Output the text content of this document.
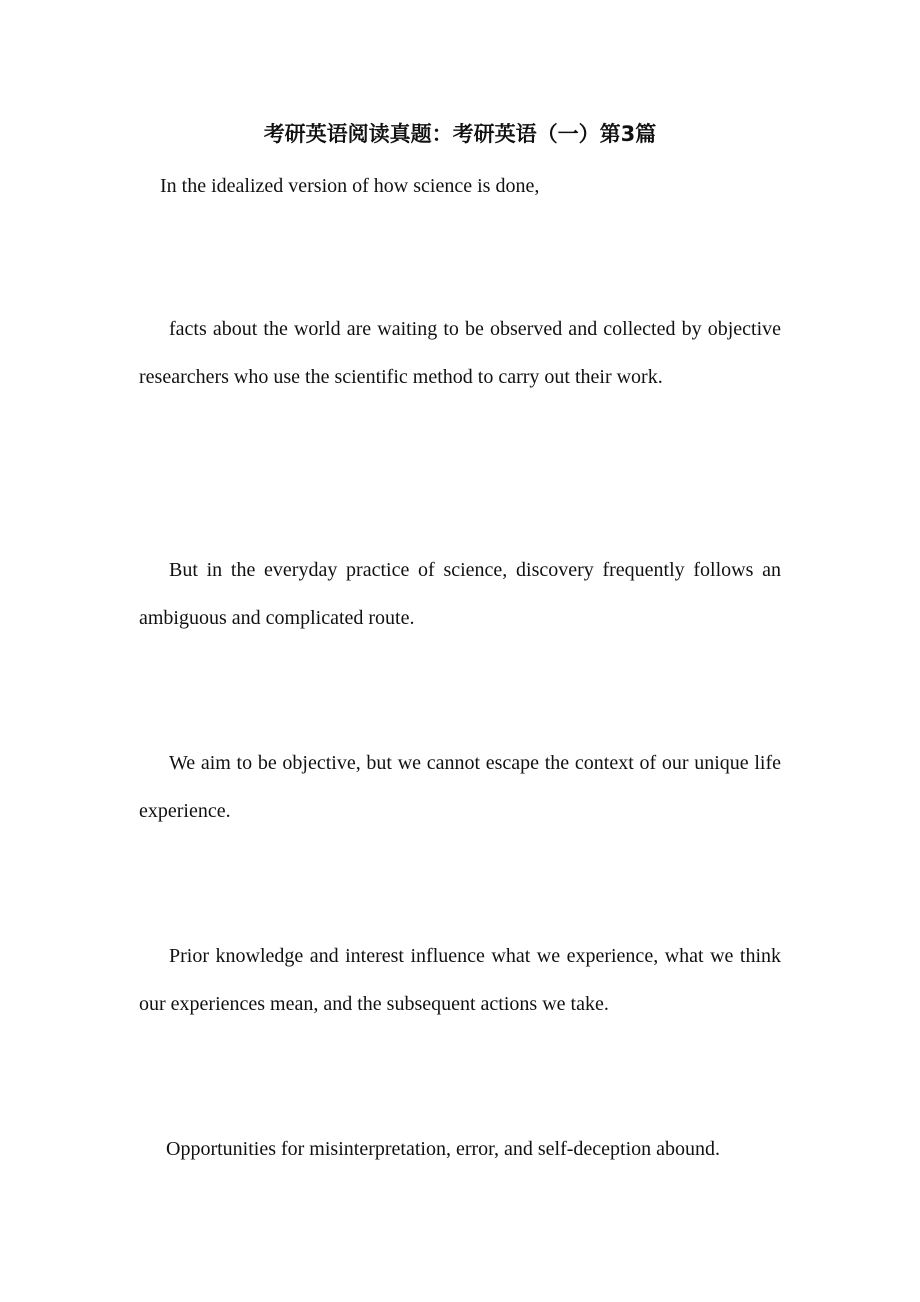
考研英语阅读真题：考研英语（一）第3篇

In the idealized version of how science is done,

facts about the world are waiting to be observed and collected by objective researchers who use the scientific method to carry out their work.

But in the everyday practice of science, discovery frequently follows an ambiguous and complicated route.

We aim to be objective, but we cannot escape the context of our unique life experience.

Prior knowledge and interest influence what we experience, what we think our experiences mean, and the subsequent actions we take.

Opportunities for misinterpretation, error, and self-deception abound.
